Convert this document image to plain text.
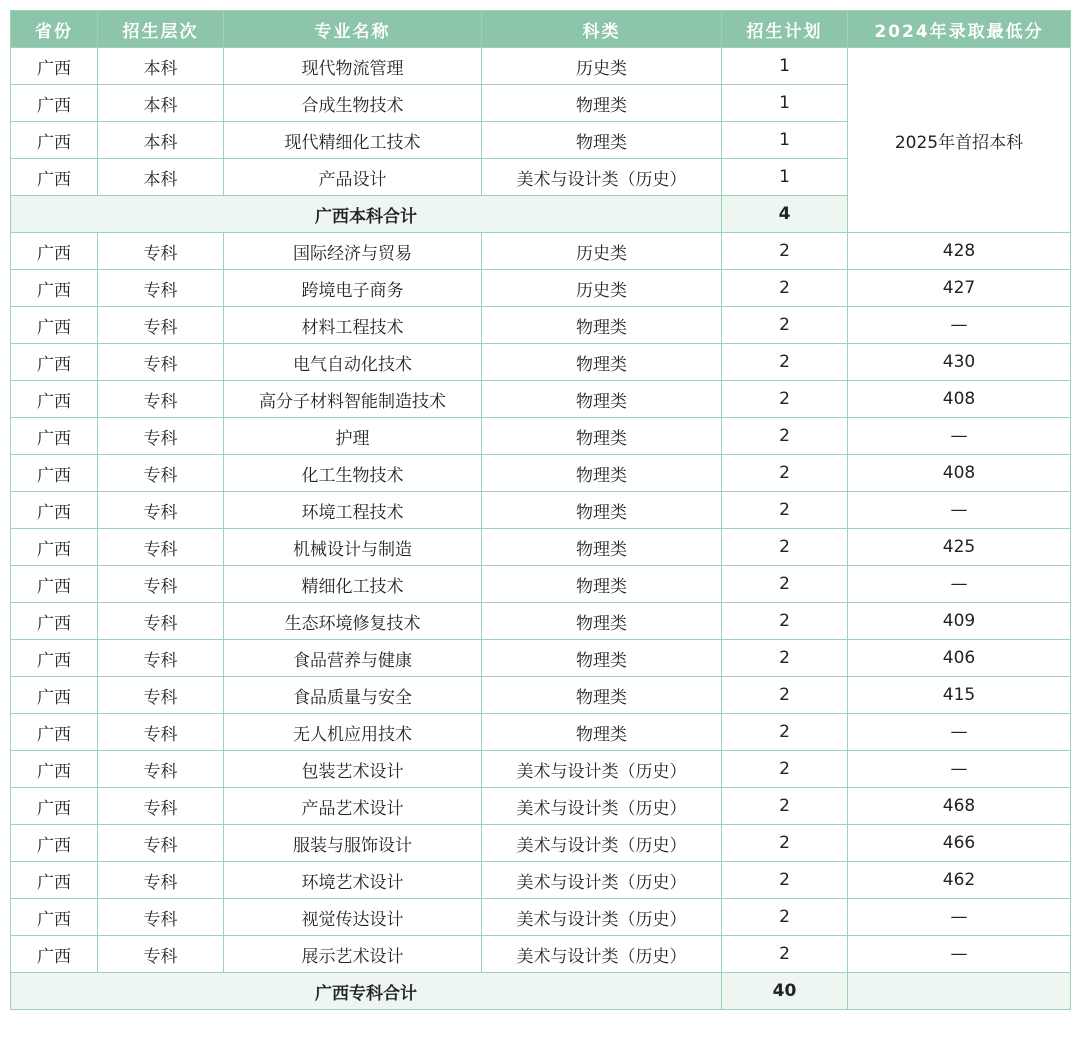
省份	招生层次	专业名称	科类	招生计划	2024年录取最低分
广西	本科	现代物流管理	历史类	1	2025年首招本科
广西	本科	合成生物技术	物理类	1	
广西	本科	现代精细化工技术	物理类	1	
广西	本科	产品设计	美术与设计类（历史）	1	
广西本科合计				4	
广西	专科	国际经济与贸易	历史类	2	428
广西	专科	跨境电子商务	历史类	2	427
广西	专科	材料工程技术	物理类	2	—
广西	专科	电气自动化技术	物理类	2	430
广西	专科	高分子材料智能制造技术	物理类	2	408
广西	专科	护理	物理类	2	—
广西	专科	化工生物技术	物理类	2	408
广西	专科	环境工程技术	物理类	2	—
广西	专科	机械设计与制造	物理类	2	425
广西	专科	精细化工技术	物理类	2	—
广西	专科	生态环境修复技术	物理类	2	409
广西	专科	食品营养与健康	物理类	2	406
广西	专科	食品质量与安全	物理类	2	415
广西	专科	无人机应用技术	物理类	2	—
广西	专科	包装艺术设计	美术与设计类（历史）	2	—
广西	专科	产品艺术设计	美术与设计类（历史）	2	468
广西	专科	服装与服饰设计	美术与设计类（历史）	2	466
广西	专科	环境艺术设计	美术与设计类（历史）	2	462
广西	专科	视觉传达设计	美术与设计类（历史）	2	—
广西	专科	展示艺术设计	美术与设计类（历史）	2	—
广西专科合计				40	
